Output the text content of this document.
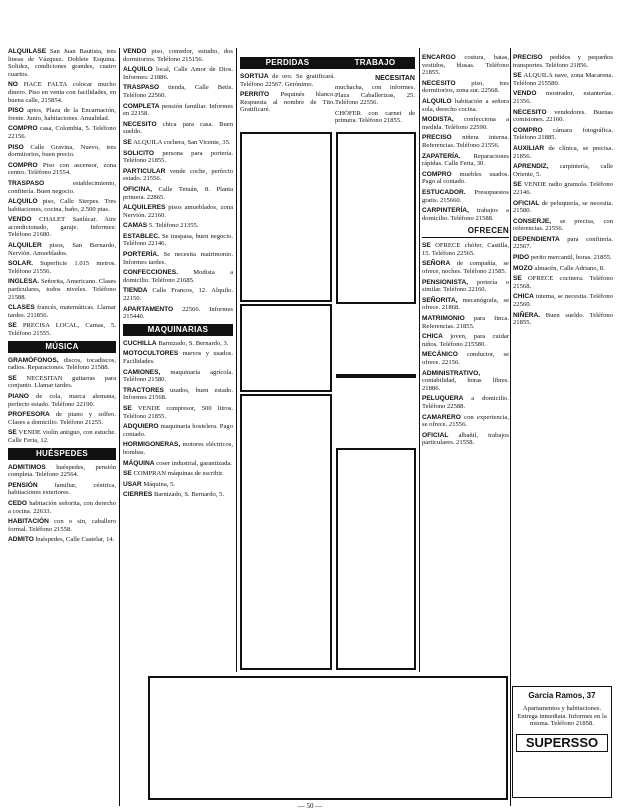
ALQUILASE San Juan Bautista, tres lineas de Vázquez. Doblete Esquina. Solidez, condiciones grandes, cuatro cuartos.

NO HACE FALTA colocar mucho dinero. Piso en venta con facilidades, en buena calle, 215854.

PISO aptos, Plaza de la Encarnación, frente. Junio, habitaciones. Anualidad.

COMPRO casa, Colombia, 5. Teléfono 22156.

PISO Calle Gravina, Nuevo, tres dormitorios, buen precio.

COMPRO Piso con ascensor, zona centro. Teléfono 21554.

TRASPASO establecimiento, confitería. Buen negocio.

ALQUILO piso, Calle Sierpes. Tres habitaciones, cocina, baño, 2.500 ptas.

VENDO CHALET Sanlúcar. Aire acondicionado, garaje. Informes: Teléfono 21680.

ALQUILER pisos, San Bernardo, Nervión. Amueblados.

SOLAR. Superficie 1.015 metros. Teléfono 21556.

INGLESA. Señorita, Americano. Clases particulares, todos niveles. Teléfono 21588.

CLASES francés, matemáticas. Llamar tardes. 211856.

SE PRECISA LOCAL, Camas, 5. Teléfono 21555.

MÚSICA

GRAMÓFONOS, discos, tocadiscos, radios. Reparaciones. Teléfono 21588.

SE NECESITAN guitarras para conjunto. Llamar tardes.

PIANO de cola, marca alemana, perfecto estado. Teléfono 22190.

PROFESORA de piano y solfeo. Clases a domicilio. Teléfono 21255.

SE VENDE violín antiguo, con estuche. Calle Feria, 12.

HUÉSPEDES

ADMITIMOS huéspedes, pensión completa. Teléfono 22564.

PENSIÓN familiar, céntrica, habitaciones exteriores.

CEDO habitación señorita, con derecho a cocina. 22633.

HABITACIÓN con o sin, caballero formal. Teléfono 21558.

ADMITO huéspedes, Calle Castelar, 14.

VENDO piso, comedor, estudio, dos dormitorios. Teléfono 215156.

ALQUILO local, Calle Amor de Dios. Informes: 21886.

TRASPASO tienda, Calle Betis. Teléfono 22560.

COMPLETA pensión familiar. Informes en 22158.

NECESITO chica para casa. Buen sueldo.

SE ALQUILA cochera, San Vicente, 35.

SOLICITO persona para portería. Teléfono 21855.

PARTICULAR vende coche, perfecto estado. 21556.

OFICINA, Calle Tetuán, 8. Planta primera. 22865.

ALQUILERES pisos amueblados, zona Nervión. 22160.

CAMAS 5. Teléfono 21355.

ESTABLEC. Se traspasa, buen negocio. Teléfono 22146.

PORTERÍA. Se necesita matrimonio. Informes tardes.

CONFECCIONES. Modista a domicilio. Teléfono 21685.

TIENDA Calle Francos, 12. Alquilo. 22150.

APARTAMENTO 22566. Informes 215440.

MAQUINARIAS

CUCHILLA Barnizado, S. Bernardo, 3.

MOTOCULTORES nuevos y usados. Facilidades.

CAMIONES, maquinaria agrícola. Teléfono 21580.

TRACTORES usados, buen estado. Informes 21568.

SE VENDE compresor, 500 litros. Teléfono 21855.

ADQUIERO maquinaria hostelera. Pago contado.

HORMIGONERAS, motores eléctricos, bombas.

MÁQUINA coser industrial, garantizada.

SE COMPRAN máquinas de escribir.

USAR Máquina, 5.

CIERRES Barnizado, S. Bernardo, 5.

PERDIDAS

SORTIJA de oro. Se gratificará. Teléfono 22567. Gerónimo.

PERRITO Pequinés blanco. Respuesta al nombre de Tito. Gratificaré.

TRABAJO
NECESITAN

muchacha, con informes. Plaza Caballerizas, 25. Teléfono 22556.

CHÓFER con carnet de primera. Teléfono 21855.

ENCARGO costura, batas, vestidos, blusas. Teléfono 21855.

NECESITO piso, tres dormitorios, zona sur. 22568.

ALQUILO habitación a señora sola, derecho cocina.

MODISTA, confecciona a medida. Teléfono 22590.

PRECISO niñera interna. Referencias. Teléfono 21556.

ZAPATERÍA. Reparaciones rápidas. Calle Feria, 30.

COMPRO muebles usados. Pago al contado.

ESTUCADOR. Presupuestos gratis. 215660.

CARPINTERÍA, trabajos a domicilio. Teléfono 21588.

OFRECEN

SE OFRECE chófer, Castilla, 15. Teléfono 22565.

SEÑORA de compañía, se ofrece, noches. Teléfono 21585.

PENSIONISTA, portería o similar. Teléfono 22160.

SEÑORITA, mecanógrafa, se ofrece. 21868.

MATRIMONIO para finca. Referencias. 21855.

CHICA joven, para cuidar niños. Teléfono 215580.

MECÁNICO conductor, se ofrece. 22156.

ADMINISTRATIVO, contabilidad, horas libres. 21886.

PELUQUERA a domicilio. Teléfono 22588.

CAMARERO con experiencia, se ofrece. 21556.

OFICIAL albañil, trabajos particulares. 21558.

PRECISO pedidos y pequeños transportes. Teléfono 21856.

SE ALQUILA nave, zona Macarena. Teléfono 215580.

VENDO mostrador, estanterías. 21356.

NECESITO vendedores. Buenas comisiones. 22160.

COMPRO cámara fotográfica. Teléfono 21885.

AUXILIAR de clínica, se precisa. 21856.

APRENDIZ, carpintería, calle Oriente, 5.

SE VENDE radio gramola. Teléfono 22146.

OFICIAL de peluquería, se necesita. 21580.

CONSERJE, se precisa, con referencias. 21556.

DEPENDIENTA para confitería. 22567.

PIDO perito mercantil, horas. 21855.

MOZO almacén, Calle Adriano, 8.

SE OFRECE cocinera. Teléfono 21568.

CHICA interna, se necesita. Teléfono 22560.

NIÑERA. Buen sueldo. Teléfono 21855.

Garcia Ramos, 37
Apartamentos y habitaciones. Entrega inmediata. Informes en la misma. Teléfono 21858.
SUPERSSO
— 50 —
